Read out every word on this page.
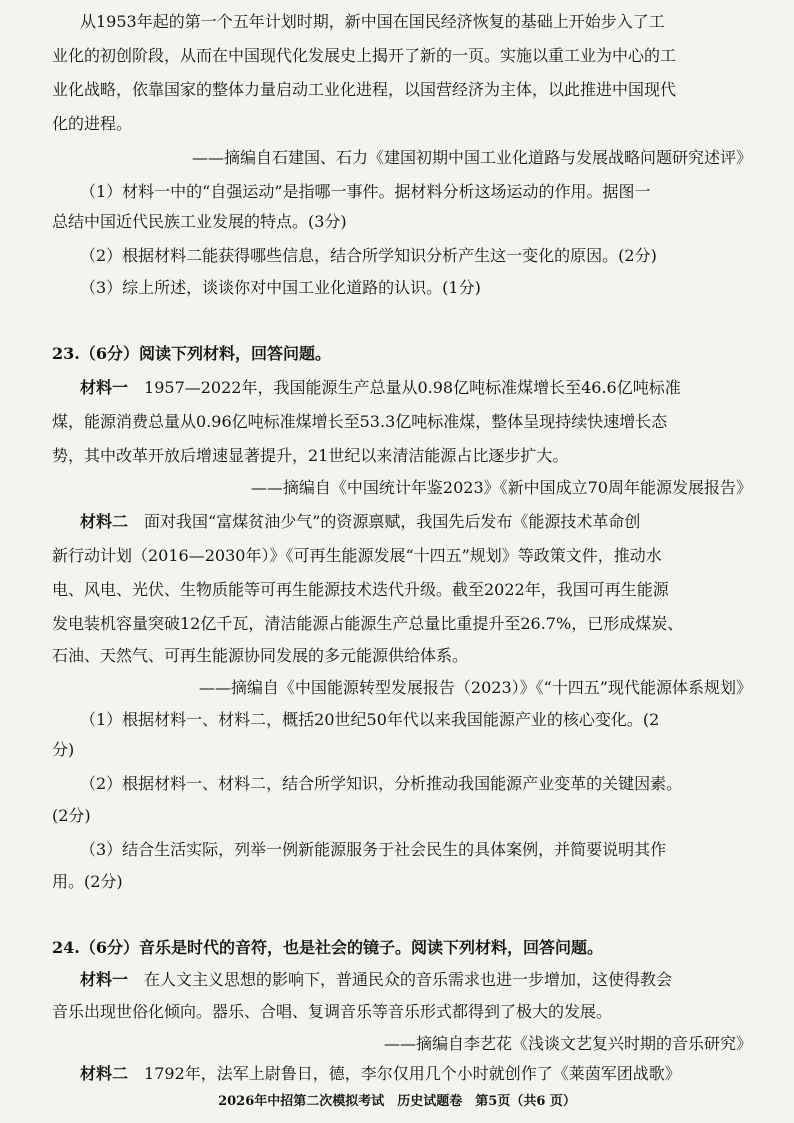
从1953年起的第一个五年计划时期，新中国在国民经济恢复的基础上开始步入了工
业化的初创阶段，从而在中国现代化发展史上揭开了新的一页。实施以重工业为中心的工
业化战略，依靠国家的整体力量启动工业化进程，以国营经济为主体，以此推进中国现代
化的进程。
——摘编自石建国、石力《建国初期中国工业化道路与发展战略问题研究述评》
（1）材料一中的“自强运动”是指哪一事件。据材料分析这场运动的作用。据图一
总结中国近代民族工业发展的特点。(3分)
（2）根据材料二能获得哪些信息，结合所学知识分析产生这一变化的原因。(2分)
（3）综上所述，谈谈你对中国工业化道路的认识。(1分)
23.（6分）阅读下列材料，回答问题。
材料一　 1957—2022年，我国能源生产总量从0.98亿吨标准煤增长至46.6亿吨标准
煤，能源消费总量从0.96亿吨标准煤增长至53.3亿吨标准煤，整体呈现持续快速增长态
势，其中改革开放后增速显著提升，21世纪以来清洁能源占比逐步扩大。
——摘编自《中国统计年鉴2023》《新中国成立70周年能源发展报告》
材料二　 面对我国“富煤贫油少气”的资源禀赋，我国先后发布《能源技术革命创
新行动计划（2016—2030年）》《可再生能源发展“十四五”规划》等政策文件，推动水
电、风电、光伏、生物质能等可再生能源技术迭代升级。截至2022年，我国可再生能源
发电装机容量突破12亿千瓦，清洁能源占能源生产总量比重提升至26.7%，已形成煤炭、
石油、天然气、可再生能源协同发展的多元能源供给体系。
——摘编自《中国能源转型发展报告（2023）》《“十四五”现代能源体系规划》
（1）根据材料一、材料二，概括20世纪50年代以来我国能源产业的核心变化。(2
分)
（2）根据材料一、材料二，结合所学知识，分析推动我国能源产业变革的关键因素。
(2分)
（3）结合生活实际，列举一例新能源服务于社会民生的具体案例，并简要说明其作
用。(2分)
24.（6分）音乐是时代的音符，也是社会的镜子。阅读下列材料，回答问题。
材料一　 在人文主义思想的影响下，普通民众的音乐需求也进一步增加，这使得教会
音乐出现世俗化倾向。器乐、合唱、复调音乐等音乐形式都得到了极大的发展。
——摘编自李艺花《浅谈文艺复兴时期的音乐研究》
材料二　 1792年，法军上尉鲁日，德，李尔仅用几个小时就创作了《莱茵军团战歌》
2026年中招第二次模拟考试　历史试题卷　第5页（共6 页）
